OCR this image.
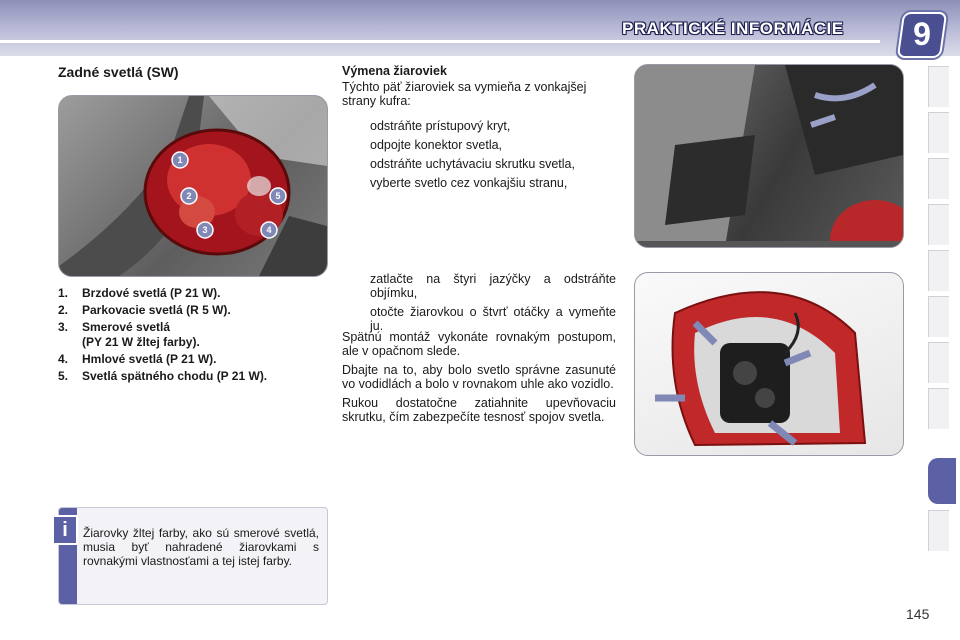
PRAKTICKÉ INFORMÁCIE	9
Zadné svetlá (SW)
1
2
3	4
5
1. Brzdové svetlá (P 21 W).
2. Parkovacie svetlá (R 5 W).
3. Smerové svetlá
(PY 21 W žltej farby).
4. Hmlové svetlá (P 21 W).
5. Svetlá spätného chodu (P 21 W).
Výmena žiaroviek
Týchto päť žiaroviek sa vymieňa z vonkajšej strany kufra:
odstráňte prístupový kryt,
odpojte konektor svetla,
odstráňte uchytávaciu skrutku svetla,
vyberte svetlo cez vonkajšiu stranu,
zatlačte na štyri jazýčky a odstráňte objímku,
otočte žiarovkou o štvrť otáčky a vymeňte ju.

Spätnú montáž vykonáte rovnakým postupom, ale v opačnom slede.

Dbajte na to, aby bolo svetlo správne zasunuté vo vodidlách a bolo v rovnakom uhle ako vozidlo.

Rukou dostatočne zatiahnite upevňovaciu skrutku, čím zabezpečíte tesnosť spojov svetla.

Žiarovky žltej farby, ako sú smerové svetlá, musia byť nahradené žiarovkami s rovnakými vlastnosťami a tej istej farby.
i
145
